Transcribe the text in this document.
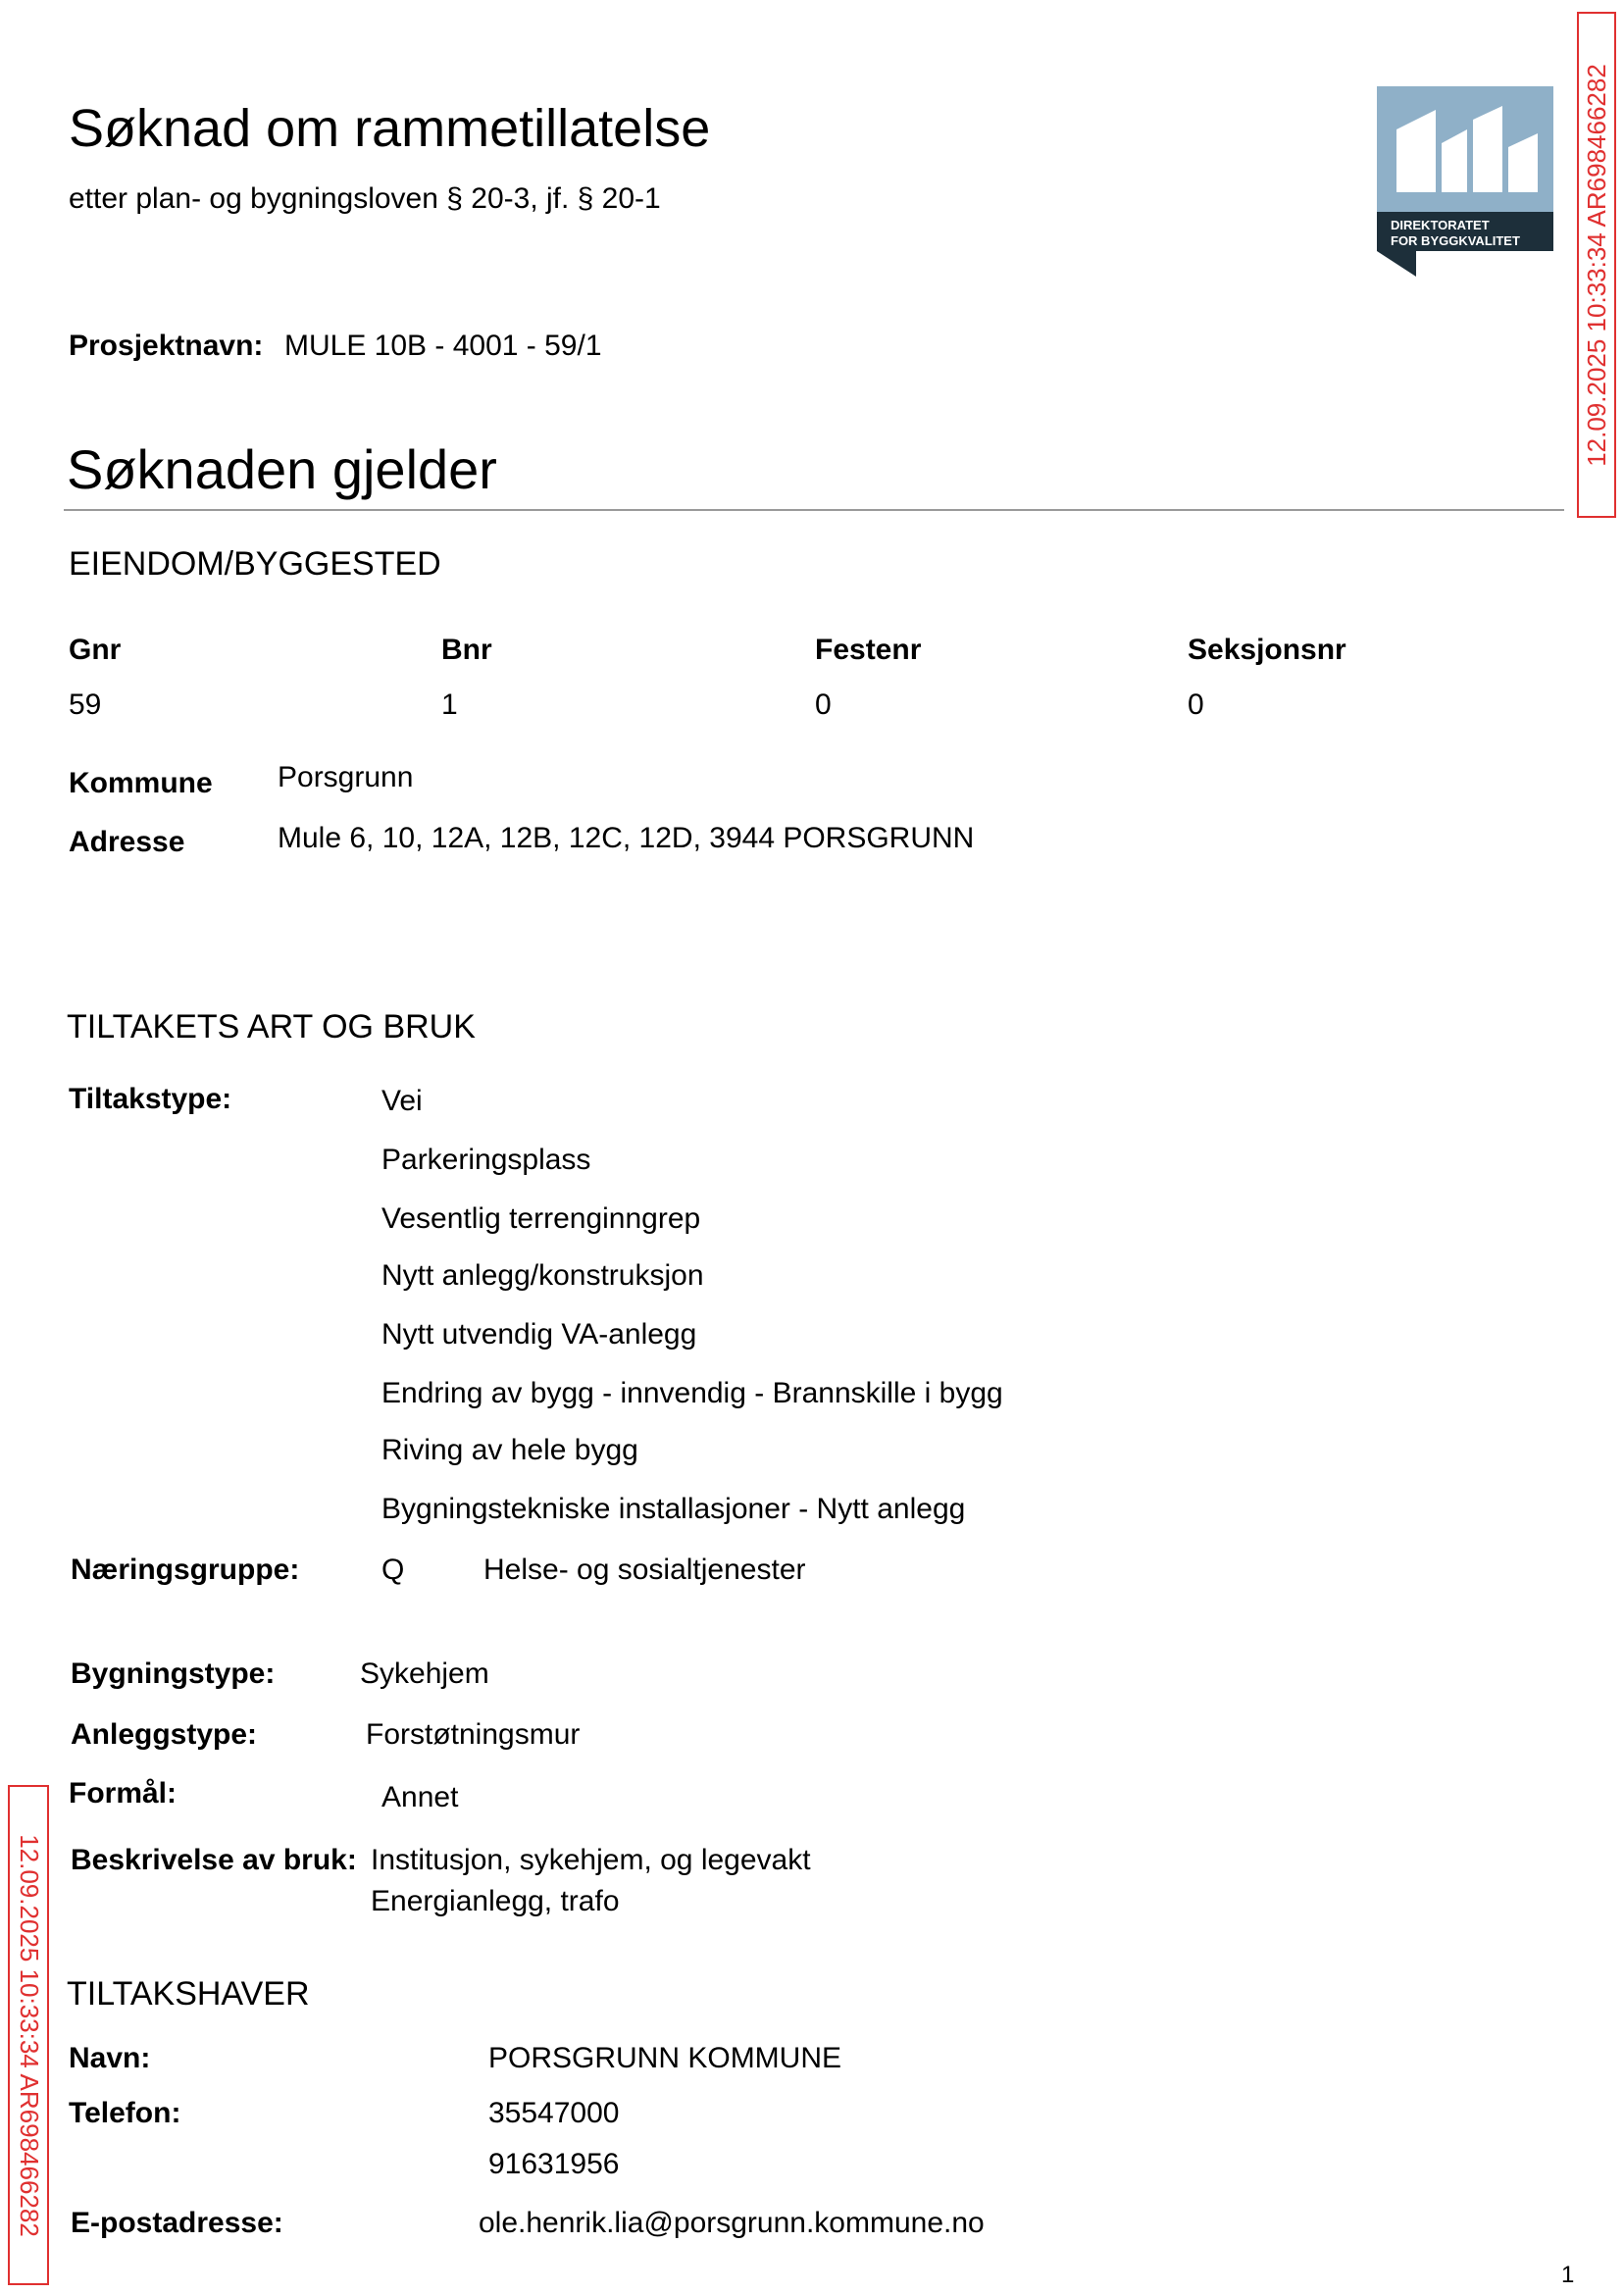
Søknad om rammetillatelse
etter plan- og bygningsloven § 20-3, jf. § 20-1
DIREKTORATET
FOR BYGGKVALITET 12.09.2025 10:33:34 AR698466282
Prosjektnavn: MULE 10B - 4001 - 59/1
Søknaden gjelder
EIENDOM/BYGGESTED
Gnr	Bnr	Festenr	Seksjonsnr
59	1	0	0
Kommune Porsgrunn
Adresse	Mule 6, 10, 12A, 12B, 12C, 12D, 3944 PORSGRUNN
TILTAKETS ART OG BRUK
Tiltakstype:	Vei
Parkeringsplass
Vesentlig terrenginngrep
Nytt anlegg/konstruksjon
Nytt utvendig VA-anlegg
Endring av bygg - innvendig - Brannskille i bygg
Riving av hele bygg
Bygningstekniske installasjoner - Nytt anlegg
Næringsgruppe:	Q	Helse- og sosialtjenester
Bygningstype:	Sykehjem
Anleggstype:	Forstøtningsmur
Formål:	Annet
Beskrivelse av bruk: Institusjon, sykehjem, og legevakt
Energianlegg, trafo
TILTAKSHAVER
Navn:	PORSGRUNN KOMMUNE
Telefon:	35547000
91631956
E-postadresse:	ole.henrik.lia@porsgrunn.kommune.no
12.09.2025 10:33:34 AR698466282
1
